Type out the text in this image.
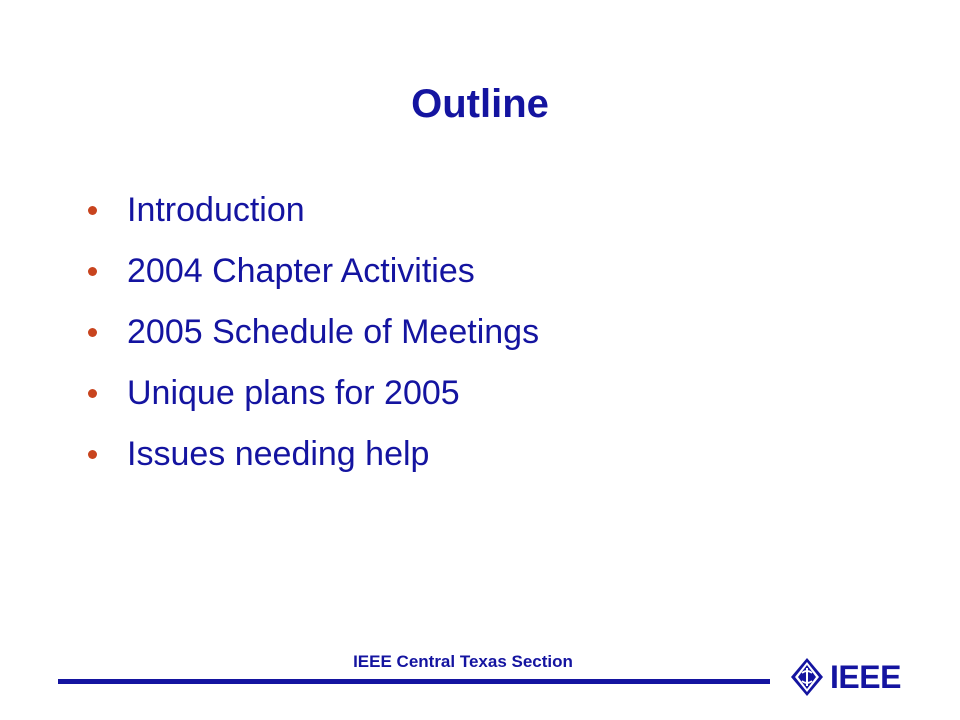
Outline
Introduction
2004 Chapter Activities
2005 Schedule of Meetings
Unique plans for 2005
Issues needing help
IEEE Central Texas Section	IEEE
